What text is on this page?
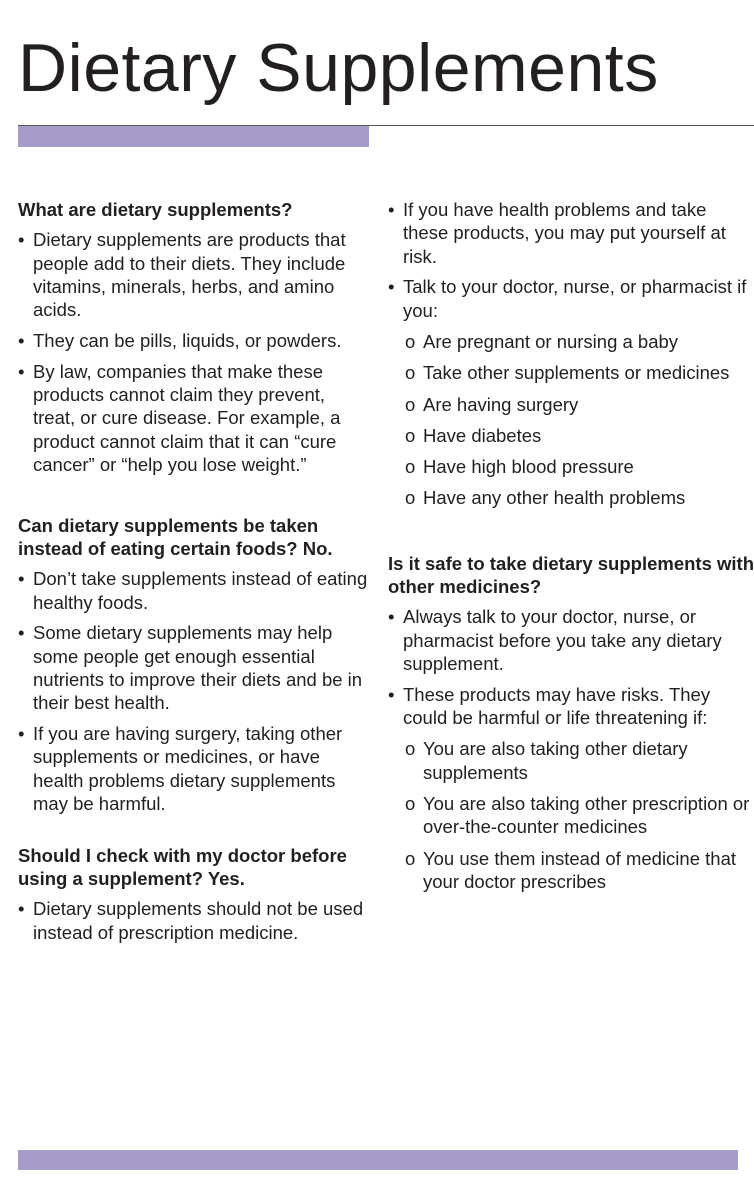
Dietary Supplements
What are dietary supplements?
• Dietary supplements are products that people add to their diets. They include vitamins, minerals, herbs, and amino acids.
• They can be pills, liquids, or powders.
• By law, companies that make these products cannot claim they prevent, treat, or cure disease. For example, a product cannot claim that it can “cure cancer” or “help you lose weight.”
Can dietary supplements be taken instead of eating certain foods? No.
• Don’t take supplements instead of eating healthy foods.
• Some dietary supplements may help some people get enough essential nutrients to improve their diets and be in their best health.
• If you are having surgery, taking other supplements or medicines, or have health problems dietary supplements may be harmful.
Should I check with my doctor before using a supplement? Yes.
• Dietary supplements should not be used instead of prescription medicine.
• If you have health problems and take these products, you may put yourself at risk.
• Talk to your doctor, nurse, or pharmacist if you:
o Are pregnant or nursing a baby
o Take other supplements or medicines
o Are having surgery
o Have diabetes
o Have high blood pressure
o Have any other health problems
Is it safe to take dietary supplements with other medicines?
• Always talk to your doctor, nurse, or pharmacist before you take any dietary supplement.
• These products may have risks. They could be harmful or life threatening if:
o You are also taking other dietary supplements
o You are also taking other prescription or over-the-counter medicines
o You use them instead of medicine that your doctor prescribes
